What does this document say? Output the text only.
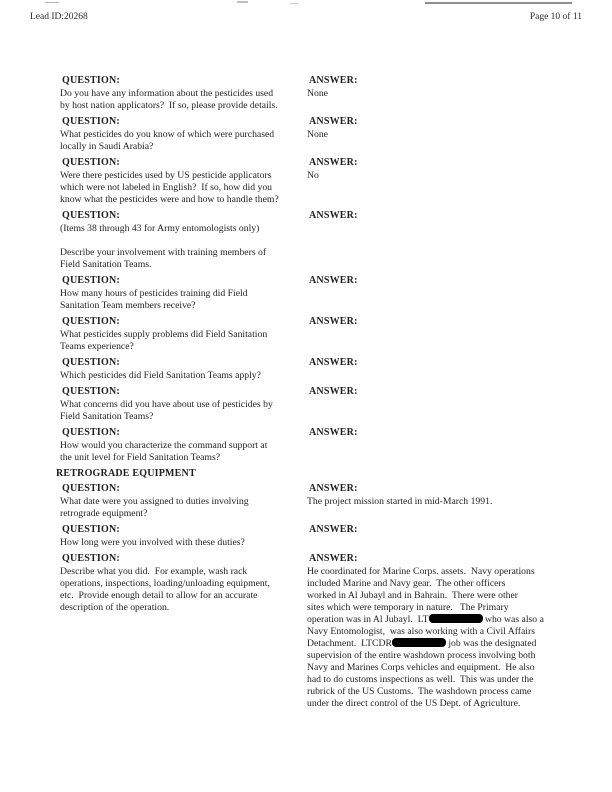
Lead ID:20268	Page 10 of 11
QUESTION:
Do you have any information about the pesticides used
by host nation applicators?  If so, please provide details.
ANSWER:
None
QUESTION:
What pesticides do you know of which were purchased
locally in Saudi Arabia?
ANSWER:
None
QUESTION:
Were there pesticides used by US pesticide applicators
which were not labeled in English?  If so, how did you
know what the pesticides were and how to handle them?
ANSWER:
No
QUESTION:
(Items 38 through 43 for Army entomologists only)

Describe your involvement with training members of
Field Sanitation Teams.
ANSWER:
QUESTION:
How many hours of pesticides training did Field
Sanitation Team members receive?
ANSWER:
QUESTION:
What pesticides supply problems did Field Sanitation
Teams experience?
ANSWER:
QUESTION:
Which pesticides did Field Sanitation Teams apply?
ANSWER:
QUESTION:
What concerns did you have about use of pesticides by
Field Sanitation Teams?
ANSWER:
QUESTION:
How would you characterize the command support at
the unit level for Field Sanitation Teams?
ANSWER:
RETROGRADE EQUIPMENT
QUESTION:
What date were you assigned to duties involving
retrograde equipment?
ANSWER:
The project mission started in mid-March 1991.
QUESTION:
How long were you involved with these duties?
ANSWER:
QUESTION:
Describe what you did.  For example, wash rack
operations, inspections, loading/unloading equipment,
etc.  Provide enough detail to allow for an accurate
description of the operation.
ANSWER:
He coordinated for Marine Corps. assets.  Navy operations
included Marine and Navy gear.  The other officers
worked in Al Jubayl and in Bahrain.  There were other
sites which were temporary in nature.   The Primary
operation was in Al Jubayl.  LT	who was also a
Navy Entomologist,  was also working with a Civil Affairs
Detachment.  LTCDR	job was the designated
supervision of the entire washdown process involving both
Navy and Marines Corps vehicles and equipment.  He also
had to do customs inspections as well.  This was under the
rubrick of the US Customs.  The washdown process came
under the direct control of the US Dept. of Agriculture.
